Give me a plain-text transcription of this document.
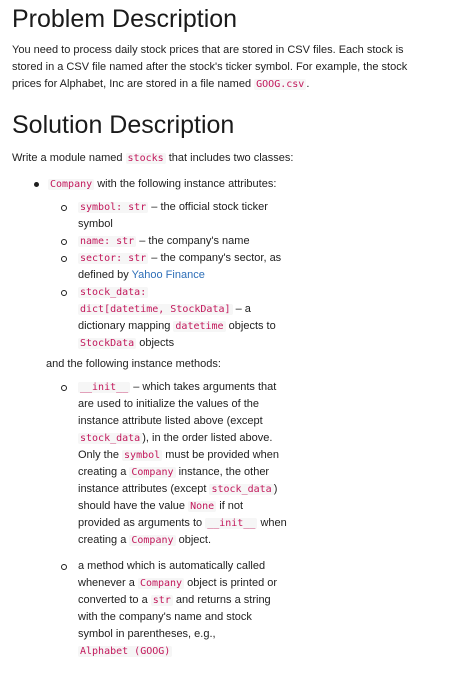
Problem Description

You need to process daily stock prices that are stored in CSV files. Each stock is stored in a CSV file named after the stock's ticker symbol. For example, the stock prices for Alphabet, Inc are stored in a file named GOOG.csv .

Solution Description

Write a module named stocks that includes two classes:

Company with the following instance attributes:
symbol: str – the official stock ticker symbol
name: str – the company's name
sector: str – the company's sector, as defined by Yahoo Finance
stock_data:
dict[datetime, StockData] – a dictionary mapping datetime objects to StockData objects
and the following instance methods:
__init__ – which takes arguments that are used to initialize the values of the instance attribute listed above (except stock_data ), in the order listed above. Only the symbol must be provided when creating a Company instance, the other instance attributes (except stock_data ) should have the value None if not provided as arguments to __init__ when creating a Company object.
a method which is automatically called whenever a Company object is printed or converted to a str and returns a string with the company's name and stock symbol in parentheses, e.g.,
Alphabet (GOOG)
